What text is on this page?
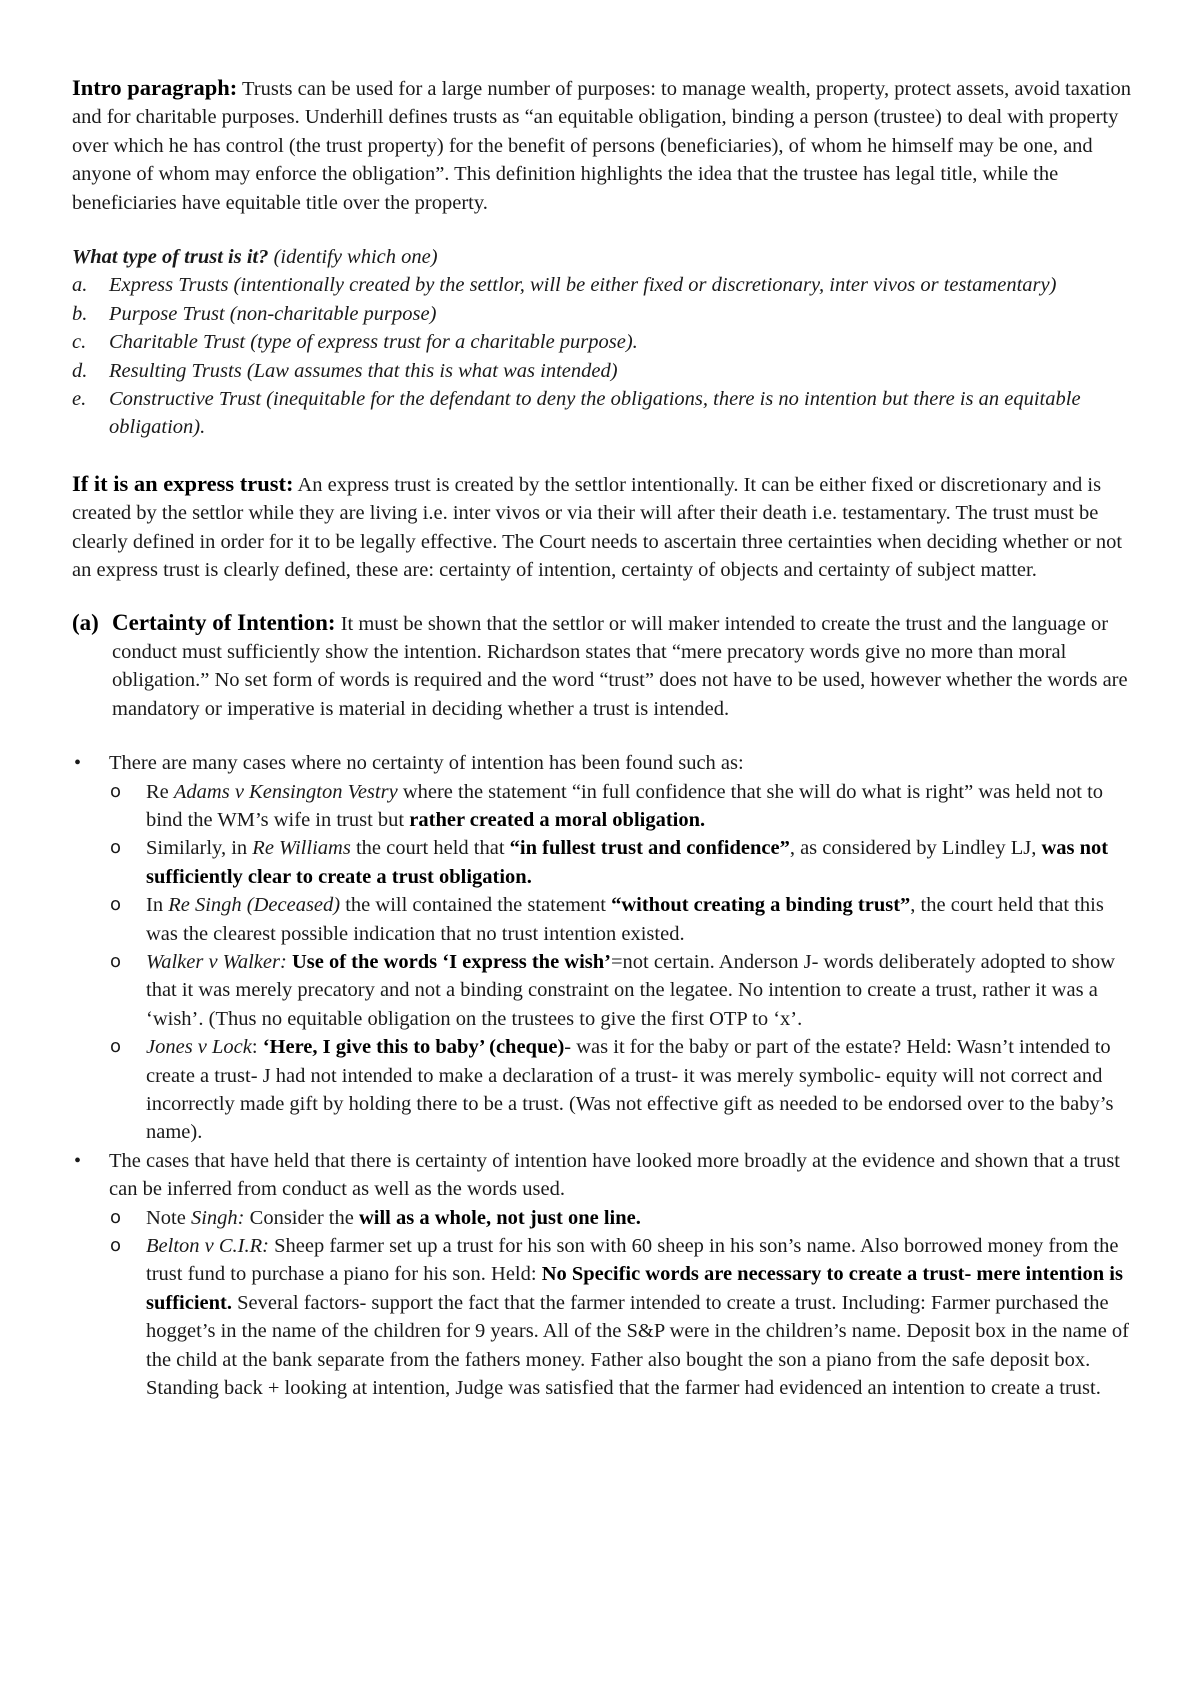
Intro paragraph: Trusts can be used for a large number of purposes: to manage wealth, property, protect assets, avoid taxation and for charitable purposes. Underhill defines trusts as “an equitable obligation, binding a person (trustee) to deal with property over which he has control (the trust property) for the benefit of persons (beneficiaries), of whom he himself may be one, and anyone of whom may enforce the obligation”. This definition highlights the idea that the trustee has legal title, while the beneficiaries have equitable title over the property.

What type of trust is it? (identify which one)

a. Express Trusts (intentionally created by the settlor, will be either fixed or discretionary, inter vivos or testamentary)
b. Purpose Trust (non-charitable purpose)
c. Charitable Trust (type of express trust for a charitable purpose).
d. Resulting Trusts (Law assumes that this is what was intended)
e. Constructive Trust (inequitable for the defendant to deny the obligations, there is no intention but there is an equitable obligation).

If it is an express trust: An express trust is created by the settlor intentionally. It can be either fixed or discretionary and is created by the settlor while they are living i.e. inter vivos or via their will after their death i.e. testamentary. The trust must be clearly defined in order for it to be legally effective. The Court needs to ascertain three certainties when deciding whether or not an express trust is clearly defined, these are: certainty of intention, certainty of objects and certainty of subject matter.

(a) Certainty of Intention: It must be shown that the settlor or will maker intended to create the trust and the language or conduct must sufficiently show the intention. Richardson states that “mere precatory words give no more than moral obligation.” No set form of words is required and the word “trust” does not have to be used, however whether the words are mandatory or imperative is material in deciding whether a trust is intended.

• There are many cases where no certainty of intention has been found such as:
o Re Adams v Kensington Vestry where the statement “in full confidence that she will do what is right” was held not to bind the WM’s wife in trust but rather created a moral obligation.
o Similarly, in Re Williams the court held that “in fullest trust and confidence”, as considered by Lindley LJ, was not sufficiently clear to create a trust obligation.
o In Re Singh (Deceased) the will contained the statement “without creating a binding trust”, the court held that this was the clearest possible indication that no trust intention existed.
o Walker v Walker: Use of the words ‘I express the wish’=not certain. Anderson J- words deliberately adopted to show that it was merely precatory and not a binding constraint on the legatee. No intention to create a trust, rather it was a ‘wish’. (Thus no equitable obligation on the trustees to give the first OTP to ‘x’.
o Jones v Lock: ‘Here, I give this to baby’ (cheque)- was it for the baby or part of the estate? Held: Wasn’t intended to create a trust- J had not intended to make a declaration of a trust- it was merely symbolic- equity will not correct and incorrectly made gift by holding there to be a trust. (Was not effective gift as needed to be endorsed over to the baby’s name).
• The cases that have held that there is certainty of intention have looked more broadly at the evidence and shown that a trust can be inferred from conduct as well as the words used.
o Note Singh: Consider the will as a whole, not just one line.
o Belton v C.I.R: Sheep farmer set up a trust for his son with 60 sheep in his son’s name. Also borrowed money from the trust fund to purchase a piano for his son. Held: No Specific words are necessary to create a trust- mere intention is sufficient. Several factors- support the fact that the farmer intended to create a trust. Including: Farmer purchased the hogget’s in the name of the children for 9 years. All of the S&P were in the children’s name. Deposit box in the name of the child at the bank separate from the fathers money. Father also bought the son a piano from the safe deposit box. Standing back + looking at intention, Judge was satisfied that the farmer had evidenced an intention to create a trust.
